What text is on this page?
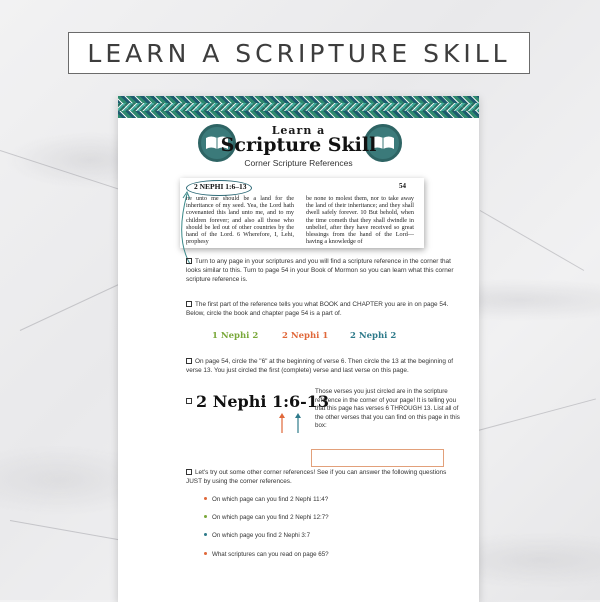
LEARN A SCRIPTURE SKILL
Learn a
Scripture Skill
Corner Scripture References
2 NEPHI 1:6–13	54
he unto me should be a land for the inheritance of my seed. Yea, the Lord hath covenanted this land unto me, and to my children forever; and also all those who should be led out of other countries by the hand of the Lord. 6 Wherefore, I, Lehi, prophesy
be none to molest them, nor to take away the land of their inheritance; and they shall dwell safely forever. 10 But behold, when the time cometh that they shall dwindle in unbelief, after they have received so great blessings from the hand of the Lord—having a knowledge of
Turn to any page in your scriptures and you will find a scripture reference in the corner that looks similar to this. Turn to page 54 in your Book of Mormon so you can learn what this corner scripture reference is.
The first part of the reference tells you what BOOK and CHAPTER you are in on page 54. Below, circle the book and chapter page 54 is a part of.
1 Nephi 2	2 Nephi 1	2 Nephi 2
On page 54, circle the "6" at the beginning of verse 6. Then circle the 13 at the beginning of verse 13. You just circled the first (complete) verse and last verse on this page.
2 Nephi 1:6-13
Those verses you just circled are in the scripture reference in the corner of your page! It is telling you that this page has verses 6 THROUGH 13. List all of the other verses that you can find on this page in this box:
Let's try out some other corner references! See if you can answer the following questions JUST by using the corner references.
On which page can you find 2 Nephi 11:4?
On which page can you find 2 Nephi 12:7?
On which page you find 2 Nephi 3:7
What scriptures can you read on page 65?
